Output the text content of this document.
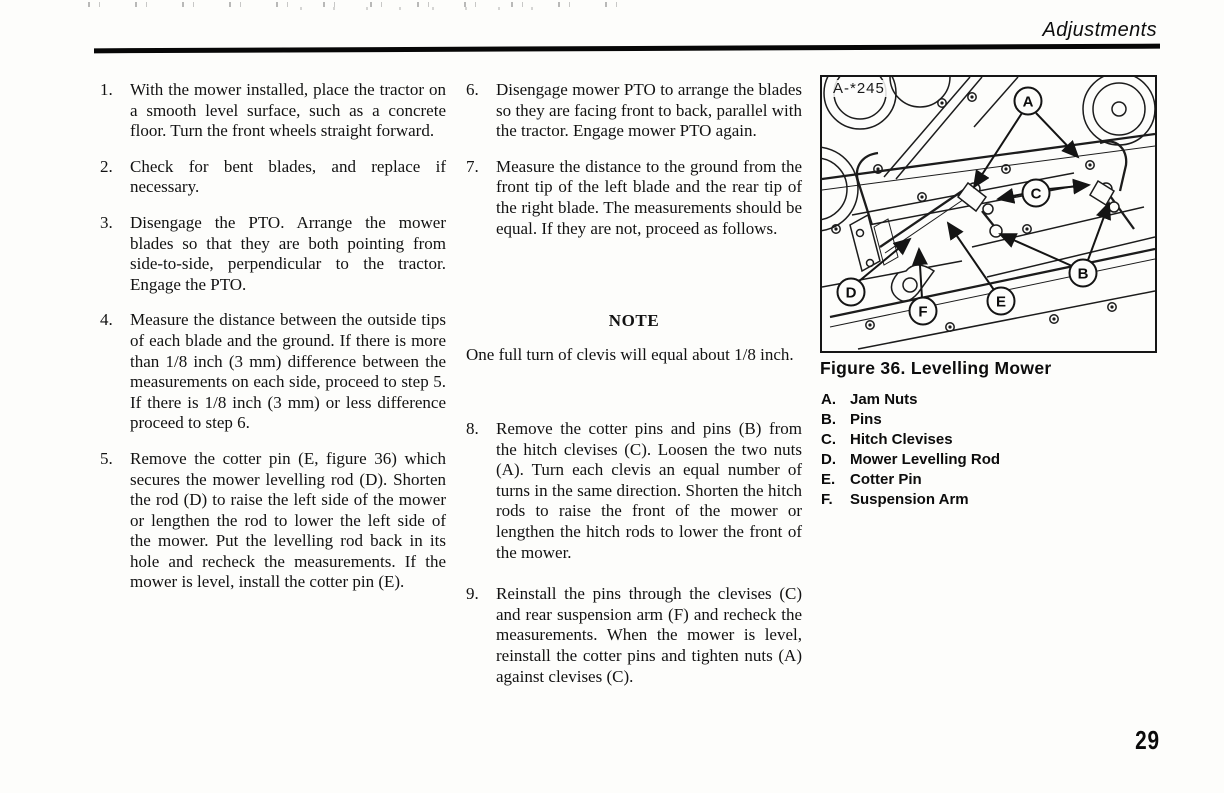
Adjustments
1.	With the mower installed, place the tractor on a smooth level surface, such as a concrete floor. Turn the front wheels straight forward.
2.	Check for bent blades, and replace if necessary.
3.	Disengage the PTO. Arrange the mower blades so that they are both pointing from side-to-side, perpendicular to the tractor. Engage the PTO.
4.	Measure the distance between the outside tips of each blade and the ground. If there is more than 1/8 inch (3 mm) difference between the measurements on each side, proceed to step 5. If there is 1/8 inch (3 mm) or less difference proceed to step 6.
5.	Remove the cotter pin (E, figure 36) which secures the mower levelling rod (D). Shorten the rod (D) to raise the left side of the mower or lengthen the rod to lower the left side of the mower. Put the levelling rod back in its hole and recheck the measurements. If the mower is level, install the cotter pin (E).
6.	Disengage mower PTO to arrange the blades so they are facing front to back, parallel with the tractor. Engage mower PTO again.
7.	Measure the distance to the ground from the front tip of the left blade and the rear tip of the right blade. The measurements should be equal. If they are not, proceed as follows.

NOTE

One full turn of clevis will equal about 1/8 inch.

8.	Remove the cotter pins and pins (B) from the hitch clevises (C). Loosen the two nuts (A). Turn each clevis an equal number of turns in the same direction. Shorten the hitch rods to raise the front of the mower or lengthen the hitch rods to lower the front of the mower.
9.	Reinstall the pins through the clevises (C) and rear suspension arm (F) and recheck the measurements. When the mower is level, reinstall the cotter pins and tighten nuts (A) against clevises (C).
A
C
B
D
F
E
A-*245
Figure 36. Levelling Mower
A. Jam Nuts
B. Pins
C. Hitch Clevises
D. Mower Levelling Rod
E. Cotter Pin
F.	Suspension Arm
29
